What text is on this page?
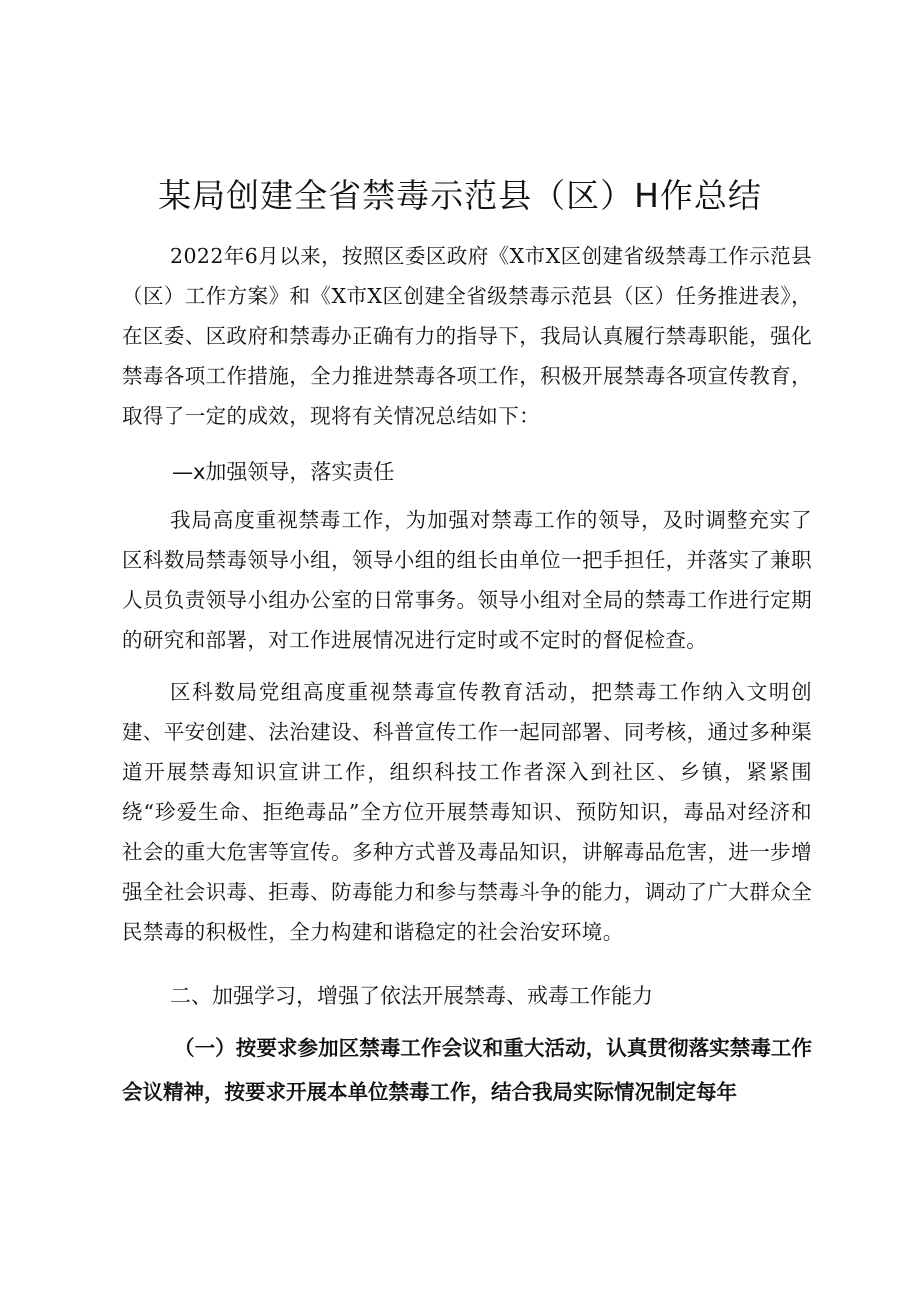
某局创建全省禁毒示范县（区）H作总结

2022年6月以来，按照区委区政府《X市X区创建省级禁毒工作示范县（区）工作方案》和《X市X区创建全省级禁毒示范县（区）任务推进表》，在区委、区政府和禁毒办正确有力的指导下，我局认真履行禁毒职能，强化禁毒各项工作措施，全力推进禁毒各项工作，积极开展禁毒各项宣传教育，取得了一定的成效，现将有关情况总结如下：

—x加强领导，落实责任

我局高度重视禁毒工作，为加强对禁毒工作的领导，及时调整充实了区科数局禁毒领导小组，领导小组的组长由单位一把手担任，并落实了兼职人员负责领导小组办公室的日常事务。领导小组对全局的禁毒工作进行定期的研究和部署，对工作进展情况进行定时或不定时的督促检查。

区科数局党组高度重视禁毒宣传教育活动，把禁毒工作纳入文明创建、平安创建、法治建设、科普宣传工作一起同部署、同考核，通过多种渠道开展禁毒知识宣讲工作，组织科技工作者深入到社区、乡镇，紧紧围绕“珍爱生命、拒绝毒品”全方位开展禁毒知识、预防知识，毒品对经济和社会的重大危害等宣传。多种方式普及毒品知识，讲解毒品危害，进一步增强全社会识毒、拒毒、防毒能力和参与禁毒斗争的能力，调动了广大群众全民禁毒的积极性，全力构建和谐稳定的社会治安环境。

二、加强学习，增强了依法开展禁毒、戒毒工作能力

（一）按要求参加区禁毒工作会议和重大活动，认真贯彻落实禁毒工作会议精神，按要求开展本单位禁毒工作，结合我局实际情况制定每年
